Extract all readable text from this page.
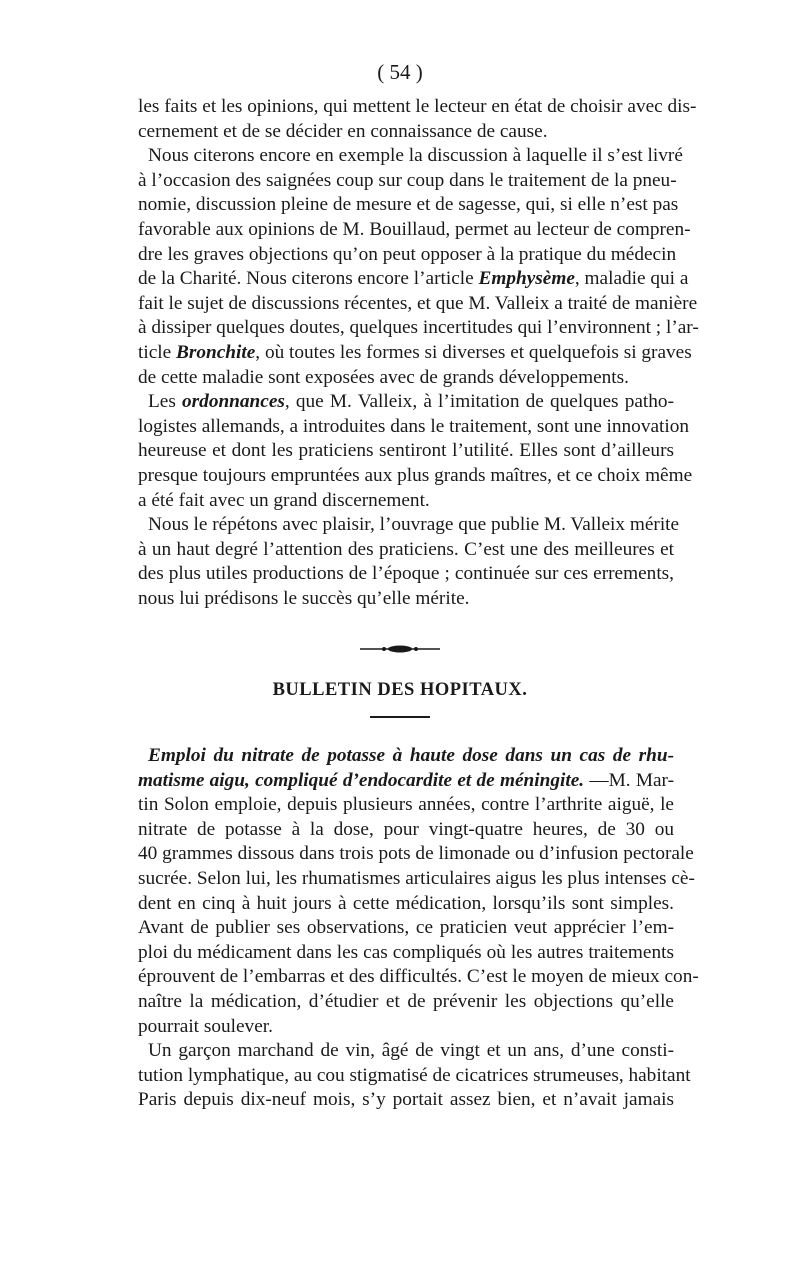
( 54 )
les faits et les opinions, qui mettent le lecteur en état de choisir avec dis-
cernement et de se décider en connaissance de cause.
Nous citerons encore en exemple la discussion à laquelle il s’est livré
à l’occasion des saignées coup sur coup dans le traitement de la pneu-
nomie, discussion pleine de mesure et de sagesse, qui, si elle n’est pas
favorable aux opinions de M. Bouillaud, permet au lecteur de compren-
dre les graves objections qu’on peut opposer à la pratique du médecin
de la Charité. Nous citerons encore l’article Emphysème, maladie qui a
fait le sujet de discussions récentes, et que M. Valleix a traité de manière
à dissiper quelques doutes, quelques incertitudes qui l’environnent ; l’ar-
ticle Bronchite, où toutes les formes si diverses et quelquefois si graves
de cette maladie sont exposées avec de grands développements.
Les ordonnances, que M. Valleix, à l’imitation de quelques patho-
logistes allemands, a introduites dans le traitement, sont une innovation
heureuse et dont les praticiens sentiront l’utilité. Elles sont d’ailleurs
presque toujours empruntées aux plus grands maîtres, et ce choix même
a été fait avec un grand discernement.
Nous le répétons avec plaisir, l’ouvrage que publie M. Valleix mérite
à un haut degré l’attention des praticiens. C’est une des meilleures et
des plus utiles productions de l’époque ; continuée sur ces errements,
nous lui prédisons le succès qu’elle mérite.
BULLETIN DES HOPITAUX.
Emploi du nitrate de potasse à haute dose dans un cas de rhu-
matisme aigu, compliqué d’endocardite et de méningite. —M. Mar-
tin Solon emploie, depuis plusieurs années, contre l’arthrite aiguë, le
nitrate de potasse à la dose, pour vingt-quatre heures, de 30 ou
40 grammes dissous dans trois pots de limonade ou d’infusion pectorale
sucrée. Selon lui, les rhumatismes articulaires aigus les plus intenses cè-
dent en cinq à huit jours à cette médication, lorsqu’ils sont simples.
Avant de publier ses observations, ce praticien veut apprécier l’em-
ploi du médicament dans les cas compliqués où les autres traitements
éprouvent de l’embarras et des difficultés. C’est le moyen de mieux con-
naître la médication, d’étudier et de prévenir les objections qu’elle
pourrait soulever.
Un garçon marchand de vin, âgé de vingt et un ans, d’une consti-
tution lymphatique, au cou stigmatisé de cicatrices strumeuses, habitant
Paris depuis dix-neuf mois, s’y portait assez bien, et n’avait jamais
